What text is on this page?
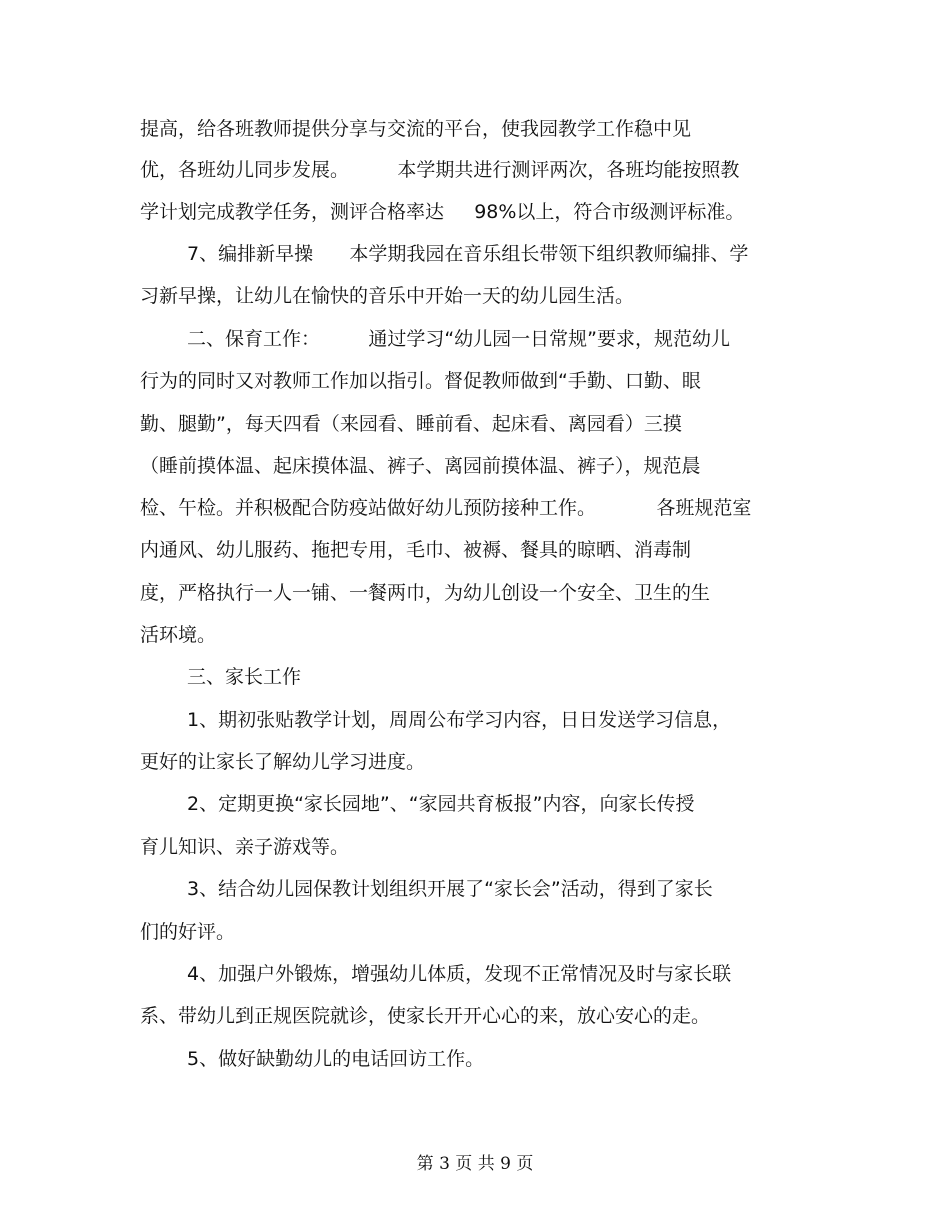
提高，给各班教师提供分享与交流的平台，使我园教学工作稳中见
优，各班幼儿同步发展。        本学期共进行测评两次，各班均能按照教
学计划完成教学任务，测评合格率达     98%以上，符合市级测评标准。
7、编排新早操      本学期我园在音乐组长带领下组织教师编排、学
习新早操，让幼儿在愉快的音乐中开始一天的幼儿园生活。
二、保育工作：        通过学习“幼儿园一日常规”要求，规范幼儿
行为的同时又对教师工作加以指引。督促教师做到“手勤、口勤、眼
勤、腿勤”，每天四看（来园看、睡前看、起床看、离园看）三摸
（睡前摸体温、起床摸体温、裤子、离园前摸体温、裤子），规范晨
检、午检。并积极配合防疫站做好幼儿预防接种工作。          各班规范室
内通风、幼儿服药、拖把专用，毛巾、被褥、餐具的晾晒、消毒制
度，严格执行一人一铺、一餐两巾，为幼儿创设一个安全、卫生的生
活环境。
三、家长工作
1、期初张贴教学计划，周周公布学习内容，日日发送学习信息，
更好的让家长了解幼儿学习进度。
2、定期更换“家长园地”、“家园共育板报”内容，向家长传授
育儿知识、亲子游戏等。
3、结合幼儿园保教计划组织开展了“家长会”活动，得到了家长
们的好评。
4、加强户外锻炼，增强幼儿体质，发现不正常情况及时与家长联
系、带幼儿到正规医院就诊，使家长开开心心的来，放心安心的走。
5、做好缺勤幼儿的电话回访工作。
第 3 页 共 9 页
